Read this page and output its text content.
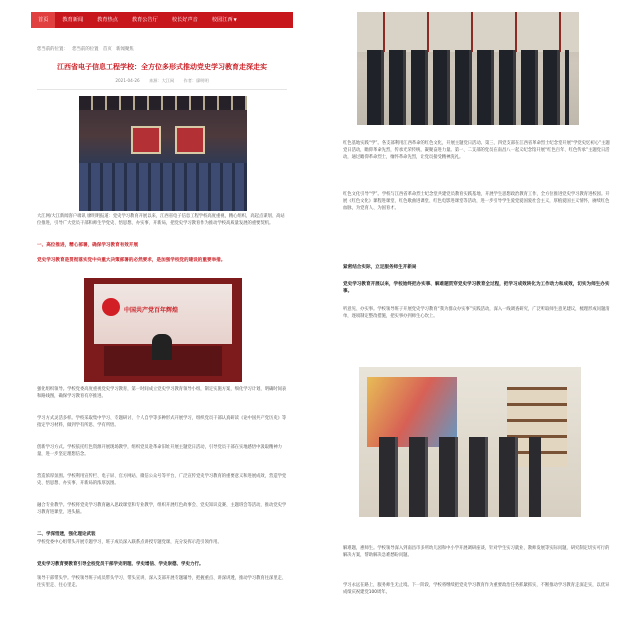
首页	教育新闻	教育热点	教育公告厅	校长好声音	校园江西▼
您当前的位置： 您当前的位置 首页 新闻聚焦
江西省电子信息工程学校：全方位多形式推动党史学习教育走深走实
2021-04-26 来源：大江网 作者：廖明明
大江网/大江新闻客户端讯 廖明明报道：党史学习教育开展以来，江西省电子信息工程学校高度重视，精心组织，高起点谋划、高站位推进，引导广大党员干部和师生学党史、悟思想、办实事、开新局，把党史学习教育作为推动学校高质量发展的重要契机。
一、高位推进，精心部署，确保学习教育有效开展
党史学习教育是贯彻落实党中央重大决策部署的必然要求，是加强学校党的建设的重要举措。
中国共产党百年辉煌
强化组织领导。学校党委高度重视党史学习教育，第一时间成立党史学习教育领导小组，制定实施方案，细化学习计划，明确时间表和路线图，确保学习教育有序推进。
学习方式灵活多样。学校采取集中学习、专题研讨、个人自学等多种形式开展学习，组织党员干部认真研读《论中国共产党历史》等指定学习材料，做到学有所思、学有所悟。
创新学习方式。学校依托红色资源开展现场教学，组织党员赴革命旧址开展主题党日活动，引导党员干部在实地感悟中汲取精神力量，进一步坚定理想信念。
营造浓厚氛围。学校利用宣传栏、电子屏、官方网站、微信公众号等平台，广泛宣传党史学习教育的重要意义和进展成效，营造学党史、悟思想、办实事、开新局的浓厚氛围。
融合专业教学。学校将党史学习教育融入思政课堂和专业教学，组织开展红色故事会、党史知识竞赛、主题班会等活动，推动党史学习教育进课堂、进头脑。
二、学深悟透，强化理论武装
学校党委中心组带头开展专题学习，班子成员深入联系点讲授专题党课，充分发挥示范引领作用。
党史学习教育要教育引导全校党员干部学史明理、学史增信、学史崇德、学史力行。
领导干部带头学。学校领导班子成员带头学习、带头宣讲，深入支部开展专题辅导，把握重点、讲深讲透，推动学习教育往深里走、往实里走、往心里走。
红色基地实践“学”。各支部利用江西革命的红色文化，开展主题党日活动。第三、四党支部在江西省革命烈士纪念堂开展“学党史忆初心”主题党日活动，瞻仰革命先烈，传承光荣传统，凝聚奋进力量。第一、二支部的党员在南昌八一起义纪念馆开展“红色百年、红色传承”主题党日活动，通过瞻仰革命烈士，缅怀革命先烈，让党员接受精神洗礼。
红色文化引导“学”。学校与江西省革命烈士纪念堂共建党员教育实践基地，开展学生思想政治教育工作，全方位推进党史学习教育进校园。开展《红色文化》课程进课堂、红色歌曲进课堂、红色电影进课堂等活动，进一步引导学生爱党爱国爱社会主义，厚植爱国主义情怀，赓续红色血脉，为党育人、为国育才。
紧密结合实际，立足服务师生开新局
党史学习教育开展以来，学校始终把办实事、解难题贯穿党史学习教育全过程，把学习成效转化为工作动力和成效，切实为师生办实事。
听意见、办实事。学校领导班子开展党史学习教育“我为群众办实事”实践活动，深入一线调查研究，广泛听取师生意见建议，梳理形成问题清单，逐项制定整改措施，把实事办到师生心坎上。
解难题，惠师生。学校领导深入到南昌市多所幼儿园和中小学开展调研座谈，针对学生实习就业、教师发展等实际问题，研究制定切实可行的解决方案，帮助解决急难愁盼问题。
学习永远在路上，服务师生无止境。下一阶段，学校将继续把党史学习教育作为重要政治任务抓紧抓实，不断推动学习教育走深走实，以优异成绩庆祝建党100周年。
